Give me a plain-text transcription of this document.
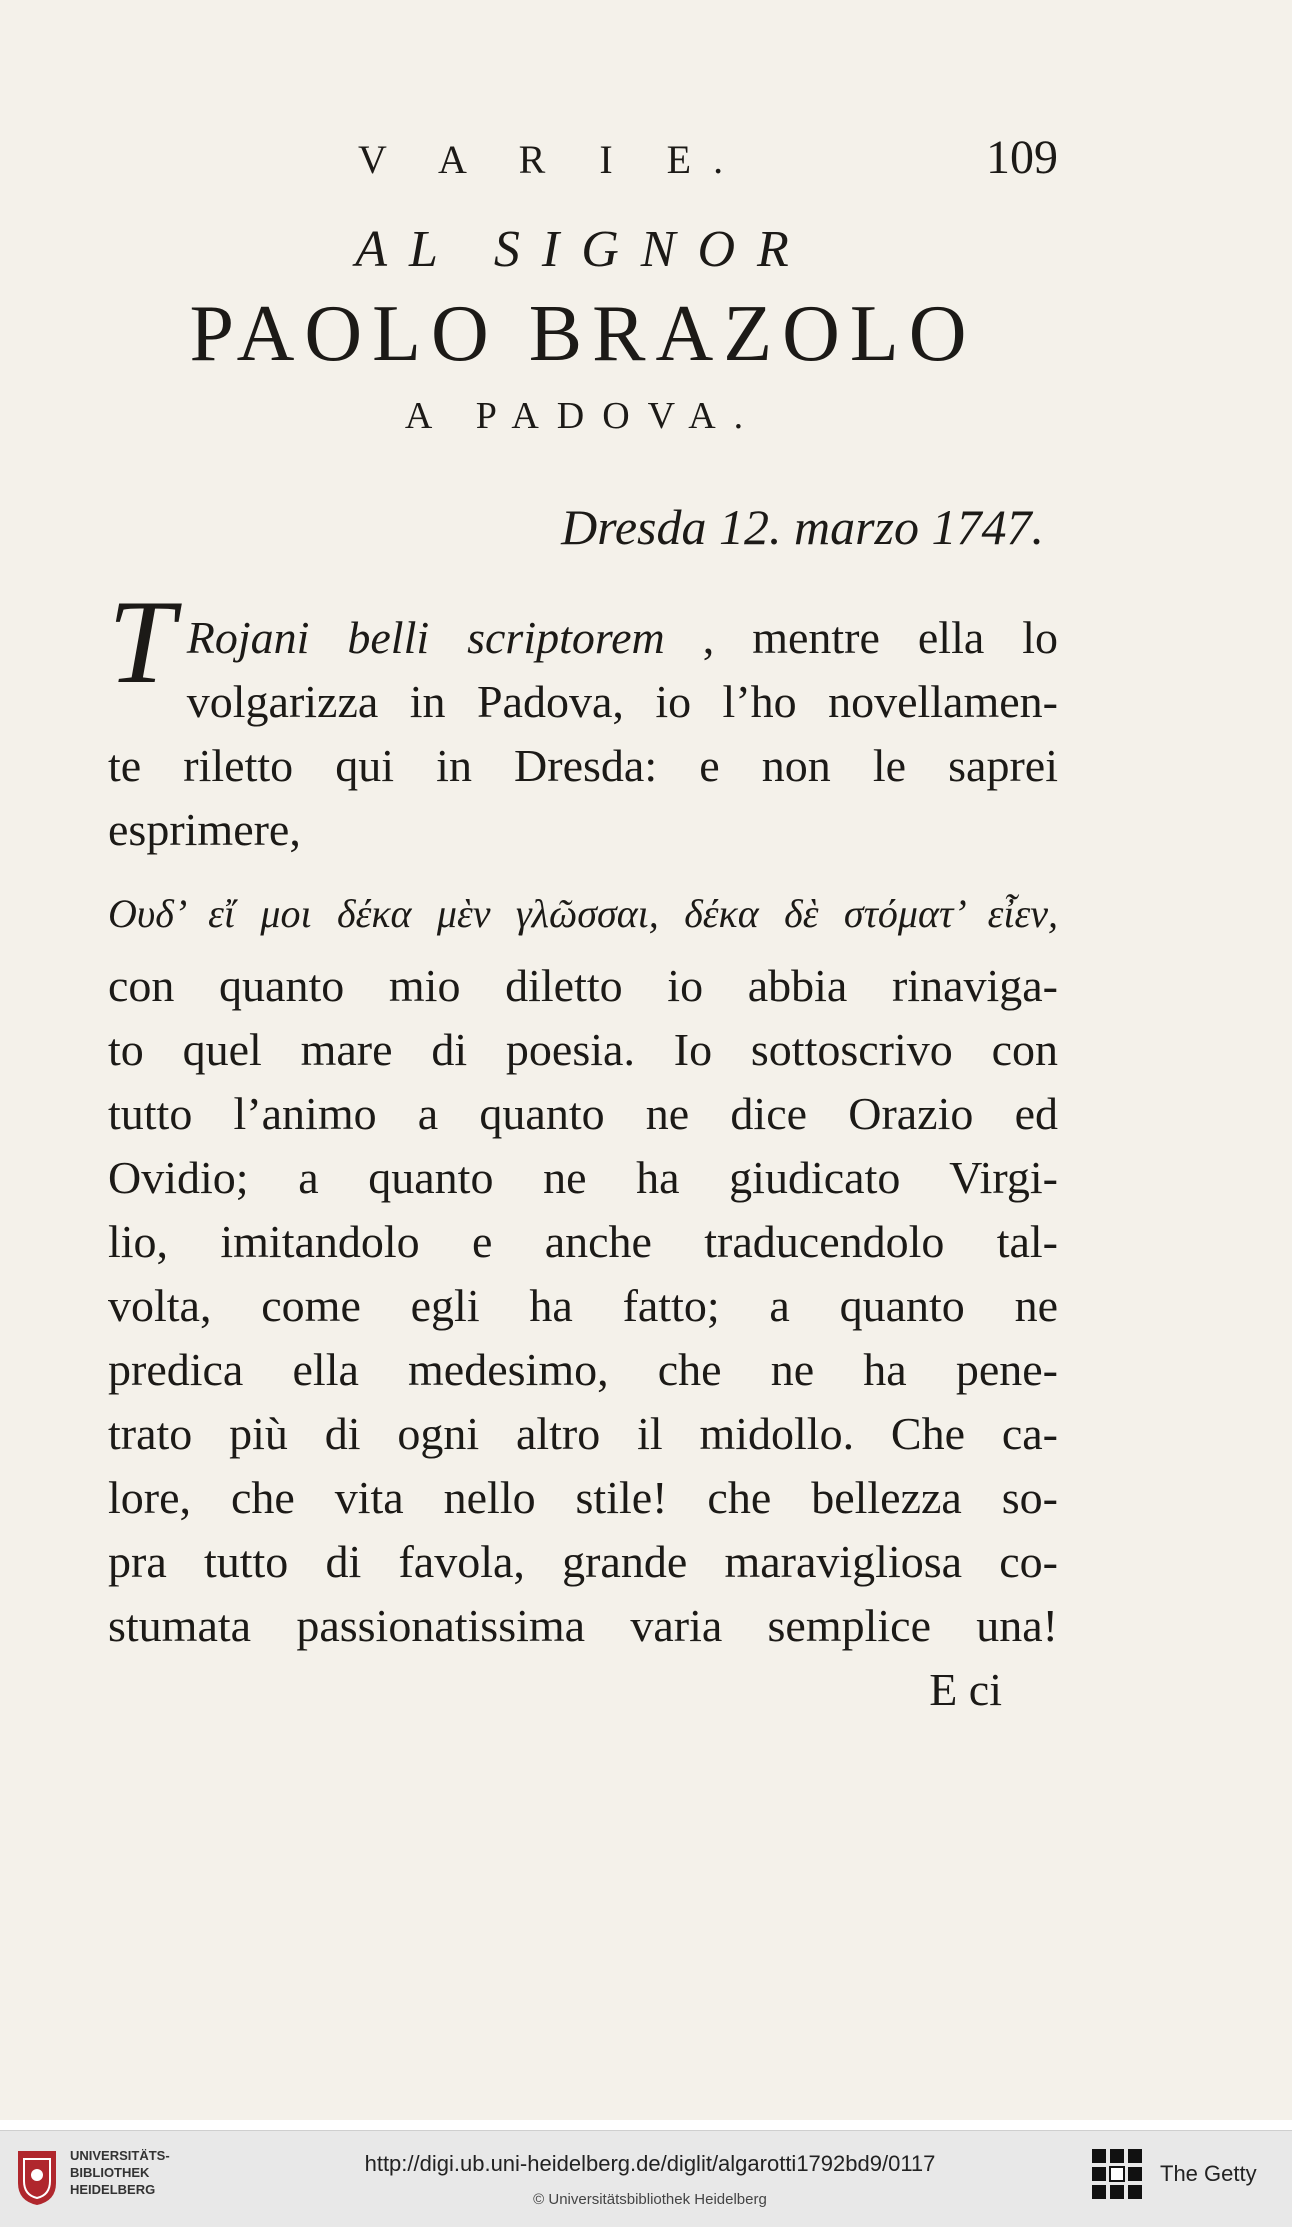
V A R I E.	109
AL SIGNOR
PAOLO BRAZOLO
A PADOVA.
Dresda 12. marzo 1747.
T Rojani belli scriptorem , mentre ella lo
volgarizza in Padova, io l’ho novellamen-
te riletto qui in Dresda: e non le saprei
esprimere,
Ουδ’ εἴ μοι δέκα μὲν γλῶσσαι, δέκα δὲ στόματ’ εἶεν,
con quanto mio diletto io abbia rinaviga-
to quel mare di poesia. Io sottoscrivo con
tutto l’animo a quanto ne dice Orazio ed
Ovidio; a quanto ne ha giudicato Virgi-
lio, imitandolo e anche traducendolo tal-
volta, come egli ha fatto; a quanto ne
predica ella medesimo, che ne ha pene-
trato più di ogni altro il midollo. Che ca-
lore, che vita nello stile! che bellezza so-
pra tutto di favola, grande maravigliosa co-
stumata passionatissima varia semplice una!
E ci
UNIVERSITÄTS-
BIBLIOTHEK
HEIDELBERG
http://digi.ub.uni-heidelberg.de/diglit/algarotti1792bd9/0117
© Universitätsbibliothek Heidelberg
The Getty
